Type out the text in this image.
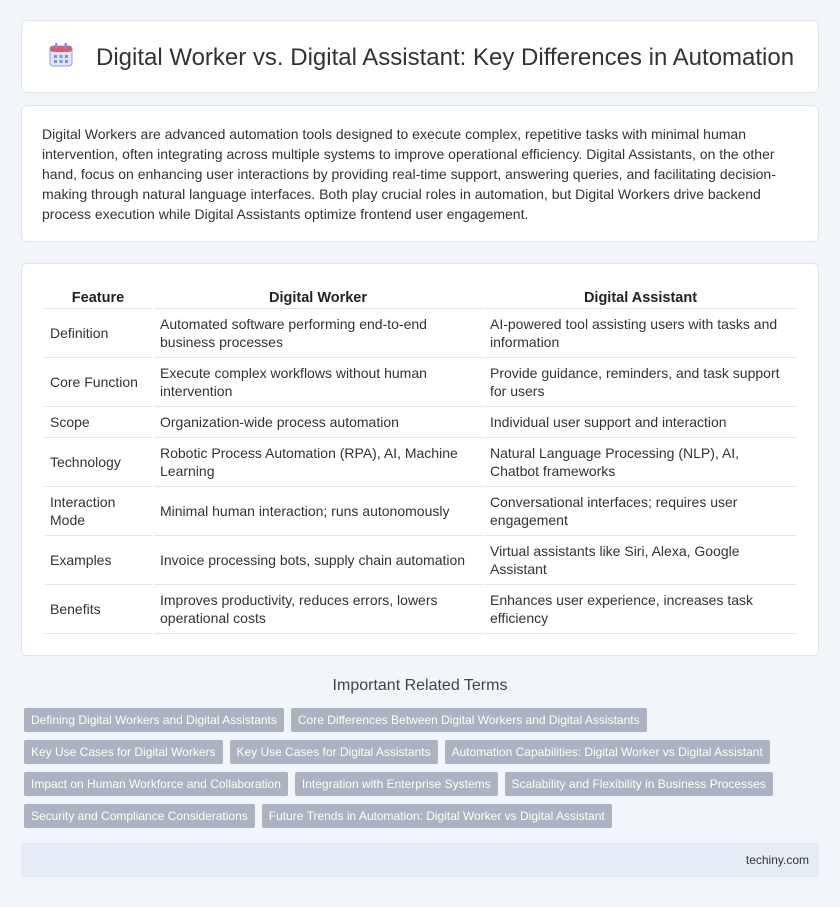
Digital Worker vs. Digital Assistant: Key Differences in Automation

Digital Workers are advanced automation tools designed to execute complex, repetitive tasks with minimal human intervention, often integrating across multiple systems to improve operational efficiency. Digital Assistants, on the other hand, focus on enhancing user interactions by providing real-time support, answering queries, and facilitating decision-making through natural language interfaces. Both play crucial roles in automation, but Digital Workers drive backend process execution while Digital Assistants optimize frontend user engagement.

Feature	Digital Worker	Digital Assistant
Definition	Automated software performing end-to-end business processes	AI-powered tool assisting users with tasks and information
Core Function	Execute complex workflows without human intervention	Provide guidance, reminders, and task support for users
Scope	Organization-wide process automation	Individual user support and interaction
Technology	Robotic Process Automation (RPA), AI, Machine Learning	Natural Language Processing (NLP), AI, Chatbot frameworks
Interaction Mode	Minimal human interaction; runs autonomously	Conversational interfaces; requires user engagement
Examples	Invoice processing bots, supply chain automation	Virtual assistants like Siri, Alexa, Google Assistant
Benefits	Improves productivity, reduces errors, lowers operational costs	Enhances user experience, increases task efficiency
Important Related Terms
Defining Digital Workers and Digital Assistants	Core Differences Between Digital Workers and Digital Assistants
Key Use Cases for Digital Workers	Key Use Cases for Digital Assistants	Automation Capabilities: Digital Worker vs Digital Assistant
Impact on Human Workforce and Collaboration	Integration with Enterprise Systems	Scalability and Flexibility in Business Processes
Security and Compliance Considerations	Future Trends in Automation: Digital Worker vs Digital Assistant
techiny.com
